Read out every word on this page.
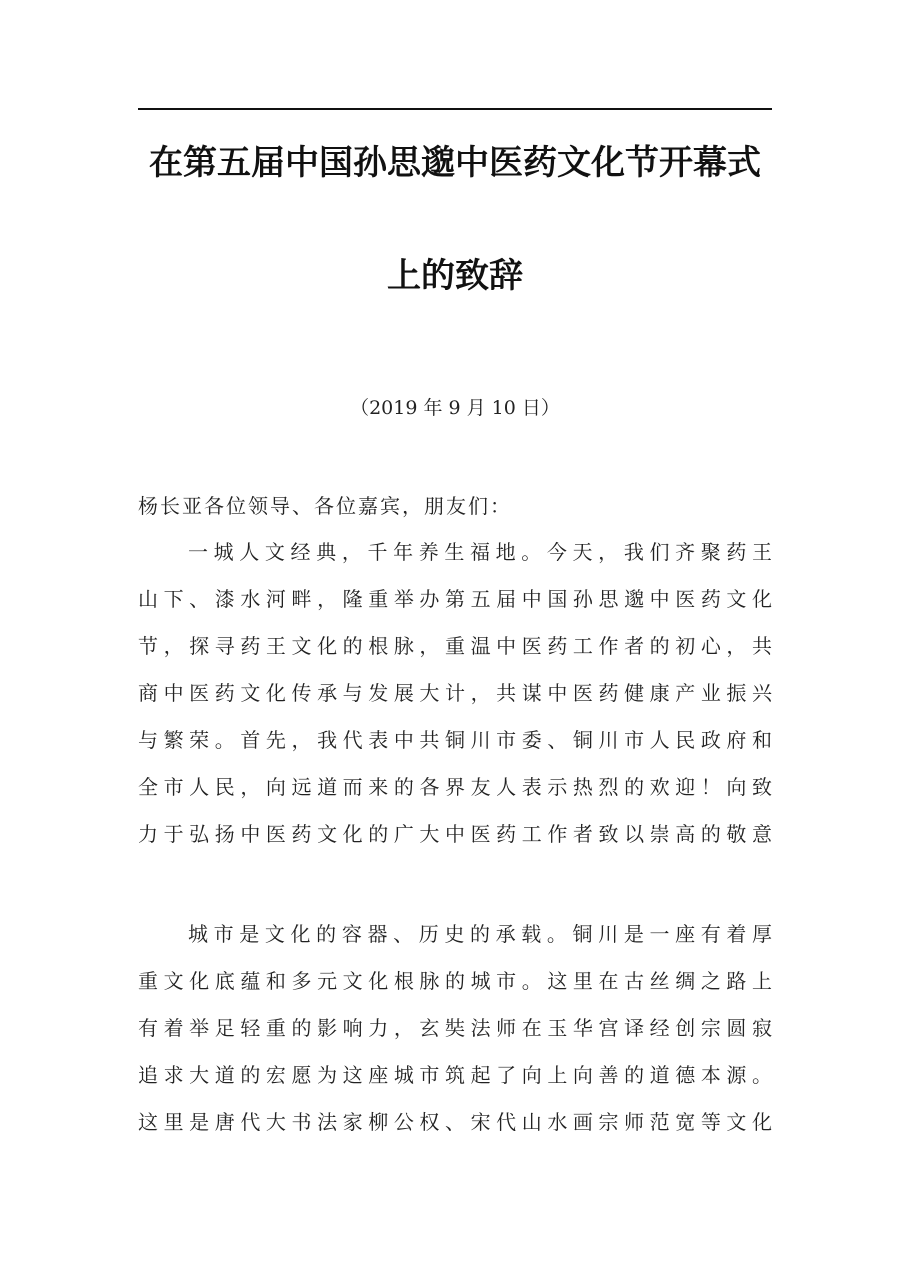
在第五届中国孙思邈中医药文化节开幕式
上的致辞
（2019 年 9 月 10 日）
杨长亚各位领导、各位嘉宾，朋友们：
一城人文经典，千年养生福地。今天，我们齐聚药王
山下、漆水河畔，隆重举办第五届中国孙思邈中医药文化
节，探寻药王文化的根脉，重温中医药工作者的初心，共
商中医药文化传承与发展大计，共谋中医药健康产业振兴
与繁荣。首先，我代表中共铜川市委、铜川市人民政府和
全市人民，向远道而来的各界友人表示热烈的欢迎！向致
力于弘扬中医药文化的广大中医药工作者致以崇高的敬意
城市是文化的容器、历史的承载。铜川是一座有着厚
重文化底蕴和多元文化根脉的城市。这里在古丝绸之路上
有着举足轻重的影响力，玄奘法师在玉华宫译经创宗圆寂
追求大道的宏愿为这座城市筑起了向上向善的道德本源。
这里是唐代大书法家柳公权、宋代山水画宗师范宽等文化
